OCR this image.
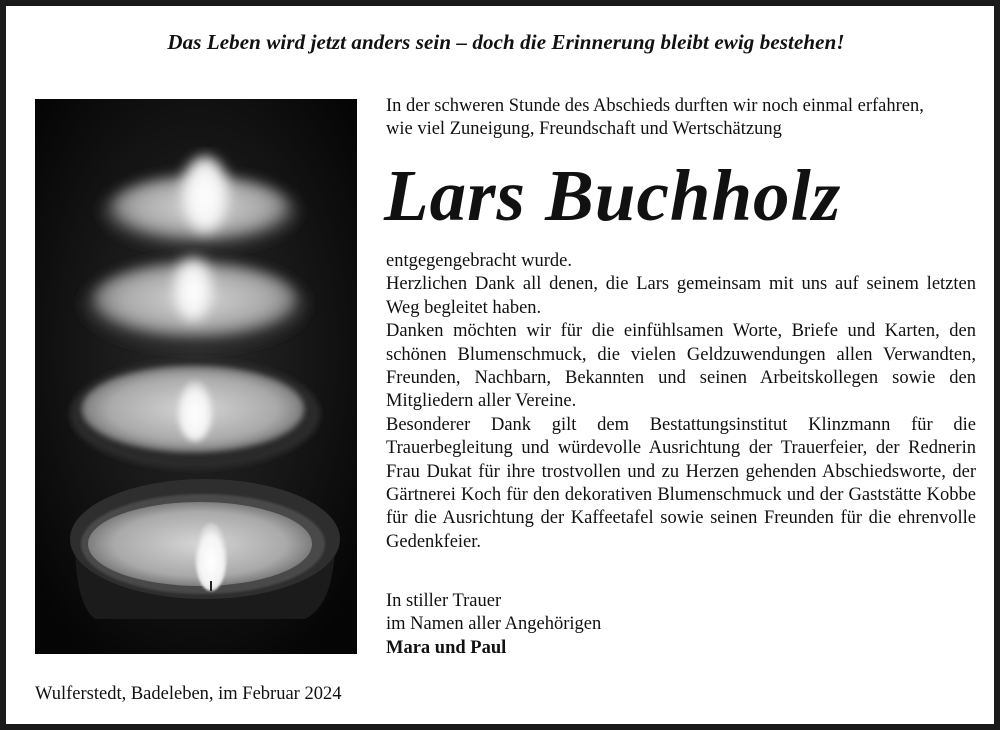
Das Leben wird jetzt anders sein – doch die Erinnerung bleibt ewig bestehen!
In der schweren Stunde des Abschieds durften wir noch einmal erfahren,
wie viel Zuneigung, Freundschaft und Wertschätzung
Lars Buchholz

entgegengebracht wurde.

Herzlichen Dank all denen, die Lars gemeinsam mit uns auf seinem letzten Weg begleitet haben.

Danken möchten wir für die einfühlsamen Worte, Briefe und Karten, den schönen Blumenschmuck, die vielen Geldzuwendungen allen Verwandten, Freunden, Nachbarn, Bekannten und seinen Arbeitskollegen sowie den Mitgliedern aller Vereine.

Besonderer Dank gilt dem Bestattungsinstitut Klinzmann für die Trauerbegleitung und würdevolle Ausrichtung der Trauerfeier, der Rednerin Frau Dukat für ihre trostvollen und zu Herzen gehenden Abschiedsworte, der Gärtnerei Koch für den dekorativen Blumenschmuck und der Gaststätte Kobbe für die Ausrichtung der Kaffeetafel sowie seinen Freunden für die ehrenvolle Gedenkfeier.

In stiller Trauer

im Namen aller Angehörigen

Mara und Paul

Wulferstedt, Badeleben, im Februar 2024
